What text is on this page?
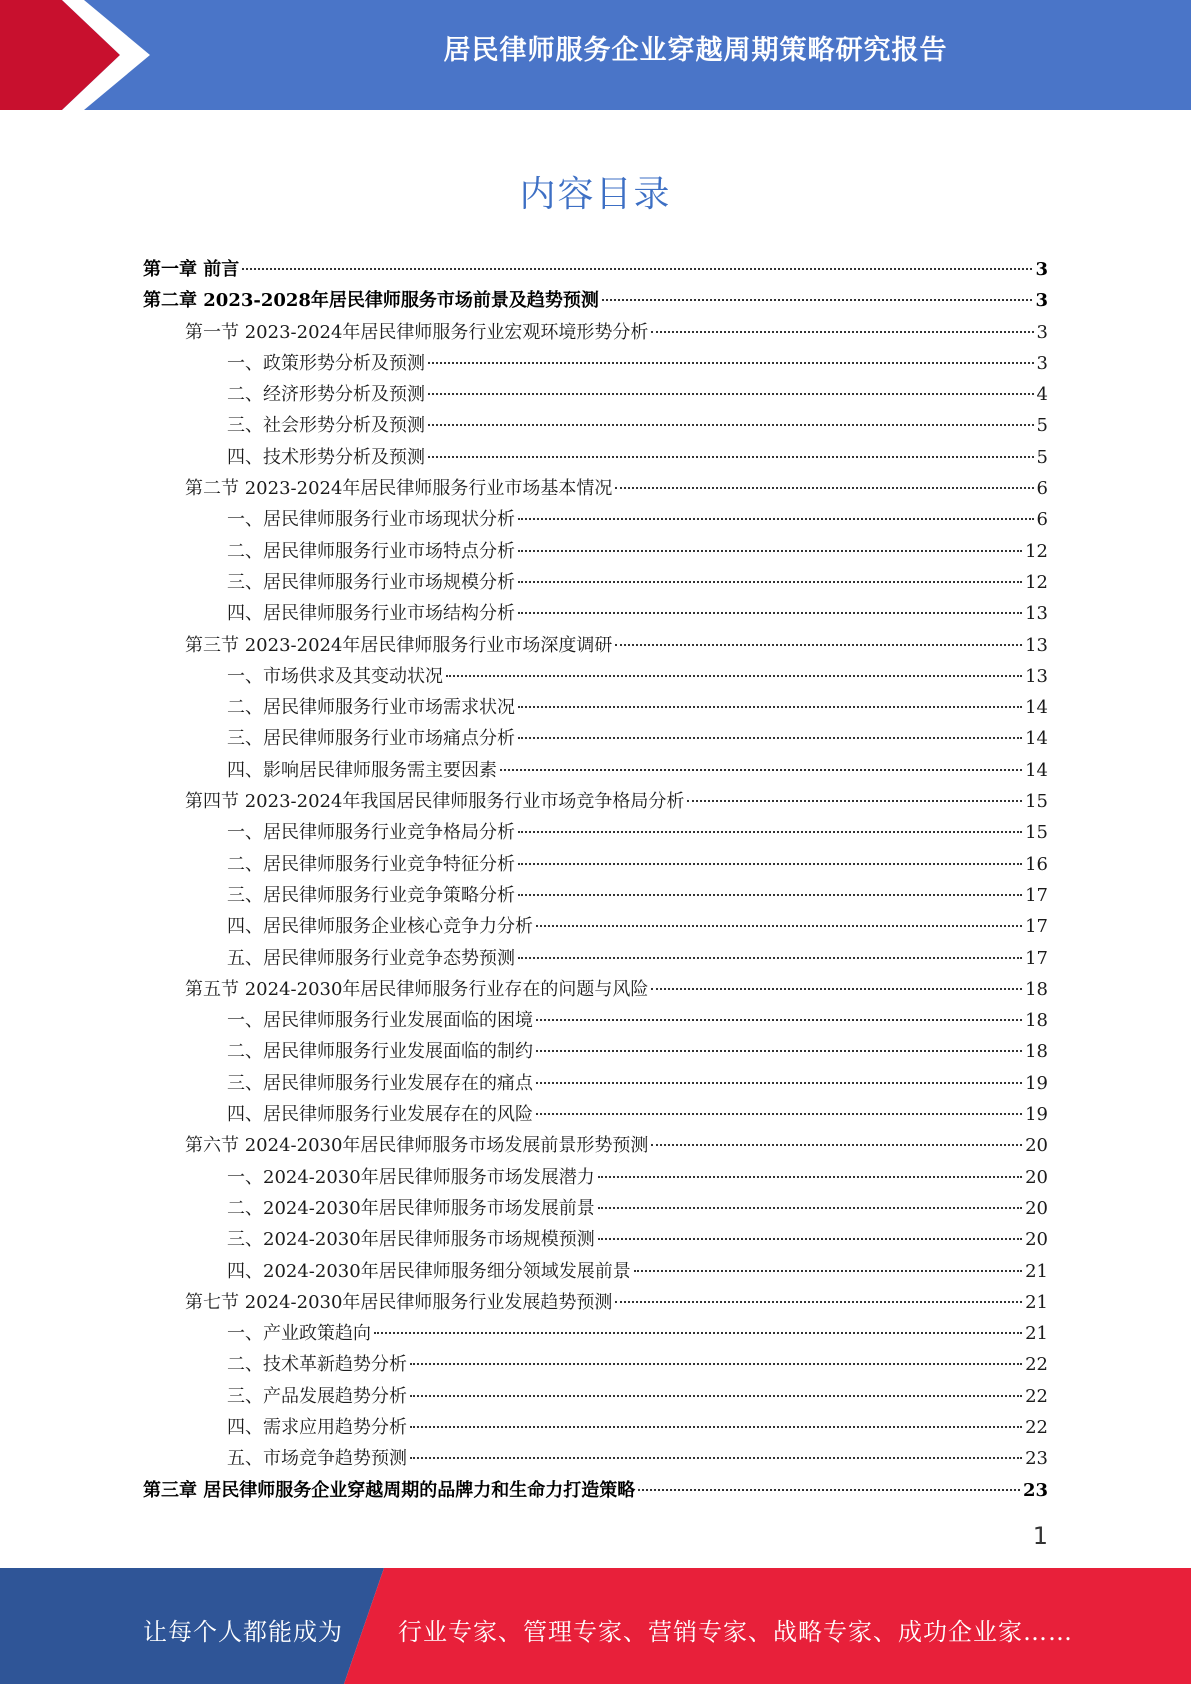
居民律师服务企业穿越周期策略研究报告
内容目录
第一章 前言	3
第二章 2023-2028年居民律师服务市场前景及趋势预测	3
第一节 2023-2024年居民律师服务行业宏观环境形势分析	3
一、政策形势分析及预测	3
二、经济形势分析及预测	4
三、社会形势分析及预测	5
四、技术形势分析及预测	5
第二节 2023-2024年居民律师服务行业市场基本情况	6
一、居民律师服务行业市场现状分析	6
二、居民律师服务行业市场特点分析	12
三、居民律师服务行业市场规模分析	12
四、居民律师服务行业市场结构分析	13
第三节 2023-2024年居民律师服务行业市场深度调研	13
一、市场供求及其变动状况	13
二、居民律师服务行业市场需求状况	14
三、居民律师服务行业市场痛点分析	14
四、影响居民律师服务需主要因素	14
第四节 2023-2024年我国居民律师服务行业市场竞争格局分析	15
一、居民律师服务行业竞争格局分析	15
二、居民律师服务行业竞争特征分析	16
三、居民律师服务行业竞争策略分析	17
四、居民律师服务企业核心竞争力分析	17
五、居民律师服务行业竞争态势预测	17
第五节 2024-2030年居民律师服务行业存在的问题与风险	18
一、居民律师服务行业发展面临的困境	18
二、居民律师服务行业发展面临的制约	18
三、居民律师服务行业发展存在的痛点	19
四、居民律师服务行业发展存在的风险	19
第六节 2024-2030年居民律师服务市场发展前景形势预测	20
一、2024-2030年居民律师服务市场发展潜力	20
二、2024-2030年居民律师服务市场发展前景	20
三、2024-2030年居民律师服务市场规模预测	20
四、2024-2030年居民律师服务细分领域发展前景	21
第七节 2024-2030年居民律师服务行业发展趋势预测	21
一、产业政策趋向	21
二、技术革新趋势分析	22
三、产品发展趋势分析	22
四、需求应用趋势分析	22
五、市场竞争趋势预测	23
第三章 居民律师服务企业穿越周期的品牌力和生命力打造策略	23
1
让每个人都能成为 行业专家、管理专家、营销专家、战略专家、成功企业家……
